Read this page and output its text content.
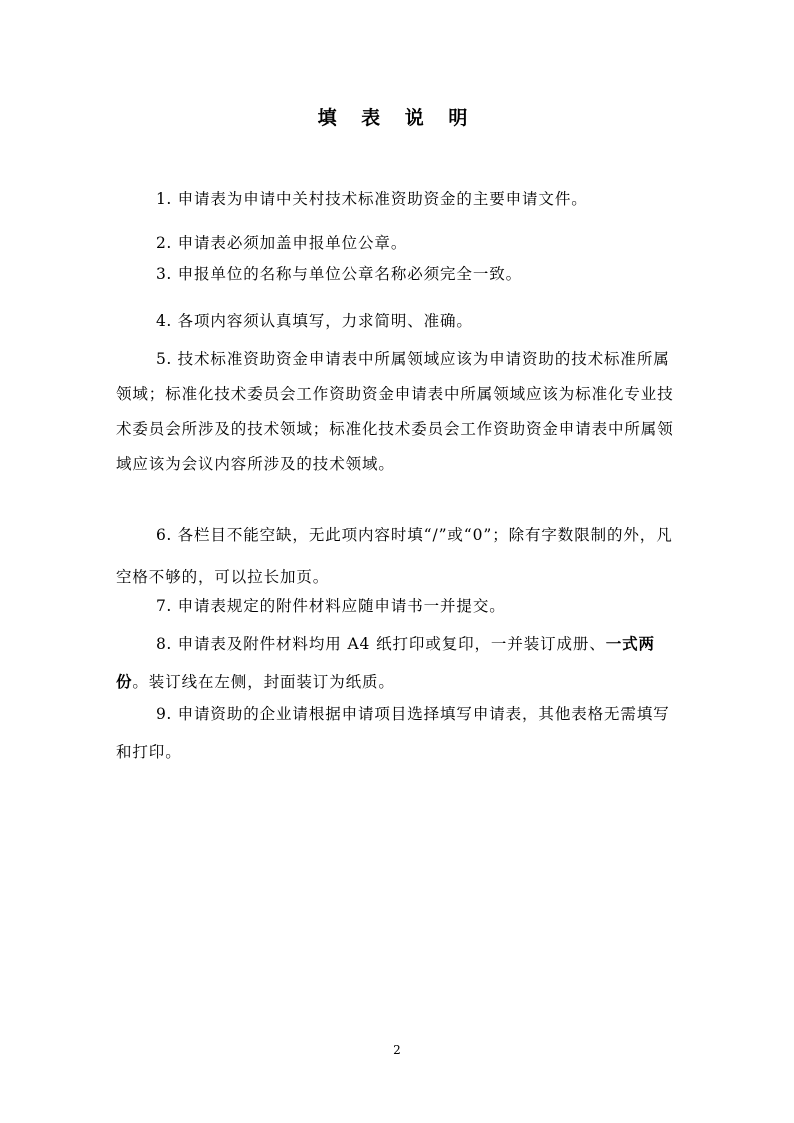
填 表 说 明

1. 申请表为申请中关村技术标准资助资金的主要申请文件。

2. 申请表必须加盖申报单位公章。

3. 申报单位的名称与单位公章名称必须完全一致。

4. 各项内容须认真填写，力求简明、准确。

5. 技术标准资助资金申请表中所属领域应该为申请资助的技术标准所属领域；标准化技术委员会工作资助资金申请表中所属领域应该为标准化专业技术委员会所涉及的技术领域；标准化技术委员会工作资助资金申请表中所属领域应该为会议内容所涉及的技术领域。

6. 各栏目不能空缺，无此项内容时填“/”或“0”；除有字数限制的外，凡空格不够的，可以拉长加页。

7. 申请表规定的附件材料应随申请书一并提交。

8. 申请表及附件材料均用 A4 纸打印或复印，一并装订成册、一式两份。装订线在左侧，封面装订为纸质。

9. 申请资助的企业请根据申请项目选择填写申请表，其他表格无需填写和打印。

2
